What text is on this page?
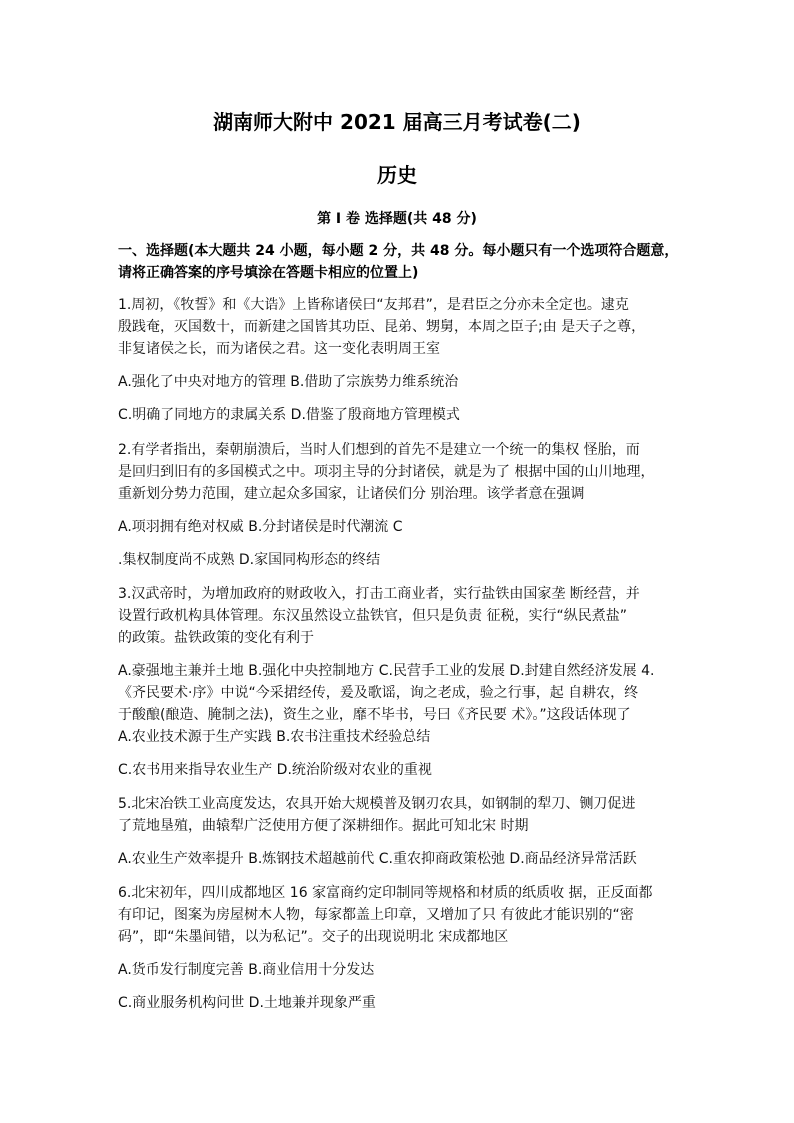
湖南师大附中 2021 届高三月考试卷(二)
历史
第 I 卷 选择题(共 48 分)
一、选择题(本大题共 24 小题，每小题 2 分，共 48 分。每小题只有一个选项符合题意，
请将正确答案的序号填涂在答题卡相应的位置上)
1.周初，《牧誓》和《大诰》上皆称诸侯曰“友邦君”，是君臣之分亦未全定也。逮克
殷践奄，灭国数十，而新建之国皆其功臣、昆弟、甥舅，本周之臣子;由 是天子之尊，
非复诸侯之长，而为诸侯之君。这一变化表明周王室
A.强化了中央对地方的管理 B.借助了宗族势力维系统治
C.明确了同地方的隶属关系 D.借鉴了殷商地方管理模式
2.有学者指出，秦朝崩溃后，当时人们想到的首先不是建立一个统一的集权 怪胎，而
是回归到旧有的多国模式之中。项羽主导的分封诸侯，就是为了 根据中国的山川地理，
重新划分势力范围，建立起众多国家，让诸侯们分 别治理。该学者意在强调
A.项羽拥有绝对权威 B.分封诸侯是时代潮流 C
.集权制度尚不成熟 D.家国同构形态的终结
3.汉武帝时，为增加政府的财政收入，打击工商业者，实行盐铁由国家垄 断经营，并
设置行政机构具体管理。东汉虽然设立盐铁官，但只是负责 征税，实行“纵民煮盐”
的政策。盐铁政策的变化有利于
A.豪强地主兼并土地 B.强化中央控制地方 C.民营手工业的发展 D.封建自然经济发展 4.
《齐民要术·序》中说“今采捃经传，爰及歌谣，询之老成，验之行事，起 自耕农，终
于酸酿(酿造、腌制之法)，资生之业，靡不毕书，号曰《齐民要 术》。”这段话体现了
A.农业技术源于生产实践 B.农书注重技术经验总结
C.农书用来指导农业生产 D.统治阶级对农业的重视
5.北宋冶铁工业高度发达，农具开始大规模普及钢刃农具，如钢制的犁刀、铡刀促进
了荒地垦殖，曲辕犁广泛使用方便了深耕细作。据此可知北宋 时期
A.农业生产效率提升 B.炼钢技术超越前代 C.重农抑商政策松弛 D.商品经济异常活跃
6.北宋初年，四川成都地区 16 家富商约定印制同等规格和材质的纸质收 据，正反面都
有印记，图案为房屋树木人物，每家都盖上印章，又增加了只 有彼此才能识别的“密
码”，即“朱墨间错，以为私记”。交子的出现说明北 宋成都地区
A.货币发行制度完善 B.商业信用十分发达
C.商业服务机构问世 D.土地兼并现象严重
